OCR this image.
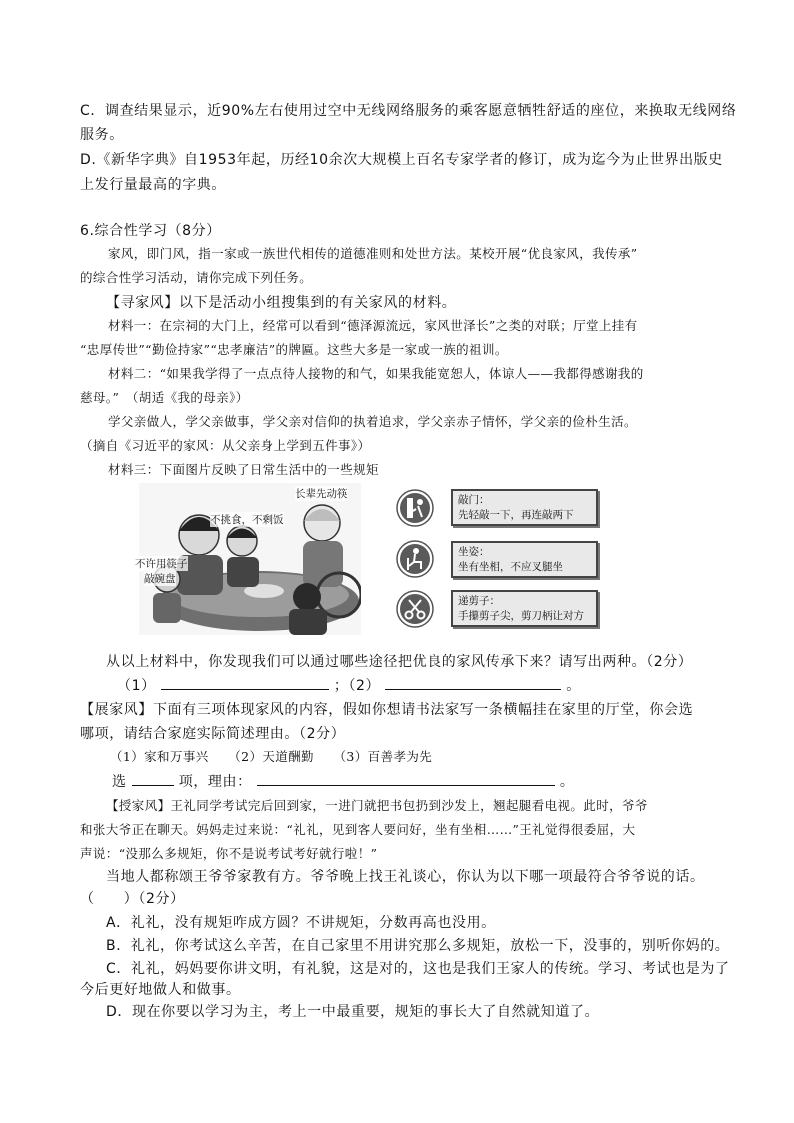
C．调查结果显示，近90%左右使用过空中无线网络服务的乘客愿意牺牲舒适的座位，来换取无线网络
服务。
D.《新华字典》自1953年起，历经10余次大规模上百名专家学者的修订，成为迄今为止世界出版史
上发行量最高的字典。
6.综合性学习（8分）
家风，即门风，指一家或一族世代相传的道德准则和处世方法。某校开展“优良家风，我传承”
的综合性学习活动，请你完成下列任务。
【寻家风】以下是活动小组搜集到的有关家风的材料。
材料一：在宗祠的大门上，经常可以看到“德泽源流远，家风世泽长”之类的对联；厅堂上挂有
“忠厚传世”“勤俭持家”“忠孝廉洁”的牌匾。这些大多是一家或一族的祖训。
材料二：“如果我学得了一点点待人接物的和气，如果我能宽恕人，体谅人——我都得感谢我的
慈母。”　（胡适《我的母亲》）
学父亲做人，学父亲做事，学父亲对信仰的执着追求，学父亲赤子情怀，学父亲的俭朴生活。
（摘自《习近平的家风：从父亲身上学到五件事》）
材料三：下面图片反映了日常生活中的一些规矩
长辈先动筷
不挑食，不剩饭
不许用筷子
敲碗盘
敲门：
先轻敲一下，再连敲两下
坐姿：
坐有坐相，不应叉腿坐
递剪子：
手攥剪子尖，剪刀柄让对方
从以上材料中，你发现我们可以通过哪些途径把优良的家风传承下来？请写出两种。（2分）
（1）	；（2）	。
【展家风】下面有三项体现家风的内容，假如你想请书法家写一条横幅挂在家里的厅堂，你会选
哪项，请结合家庭实际简述理由。（2分）
（1）家和万事兴　　（2）天道酬勤　　（3）百善孝为先
选	项，理由：	。
【授家风】王礼同学考试完后回到家，一进门就把书包扔到沙发上，翘起腿看电视。此时，爷爷
和张大爷正在聊天。妈妈走过来说：“礼礼，见到客人要问好，坐有坐相……”王礼觉得很委屈，大
声说：“没那么多规矩，你不是说考试考好就行啦！”
当地人都称颂王爷爷家教有方。爷爷晚上找王礼谈心，你认为以下哪一项最符合爷爷说的话。
（　　）（2分）
A．礼礼，没有规矩咋成方圆？不讲规矩，分数再高也没用。
B．礼礼，你考试这么辛苦，在自己家里不用讲究那么多规矩，放松一下，没事的，别听你妈的。
C．礼礼，妈妈要你讲文明，有礼貌，这是对的，这也是我们王家人的传统。学习、考试也是为了
今后更好地做人和做事。
D．现在你要以学习为主，考上一中最重要，规矩的事长大了自然就知道了。
